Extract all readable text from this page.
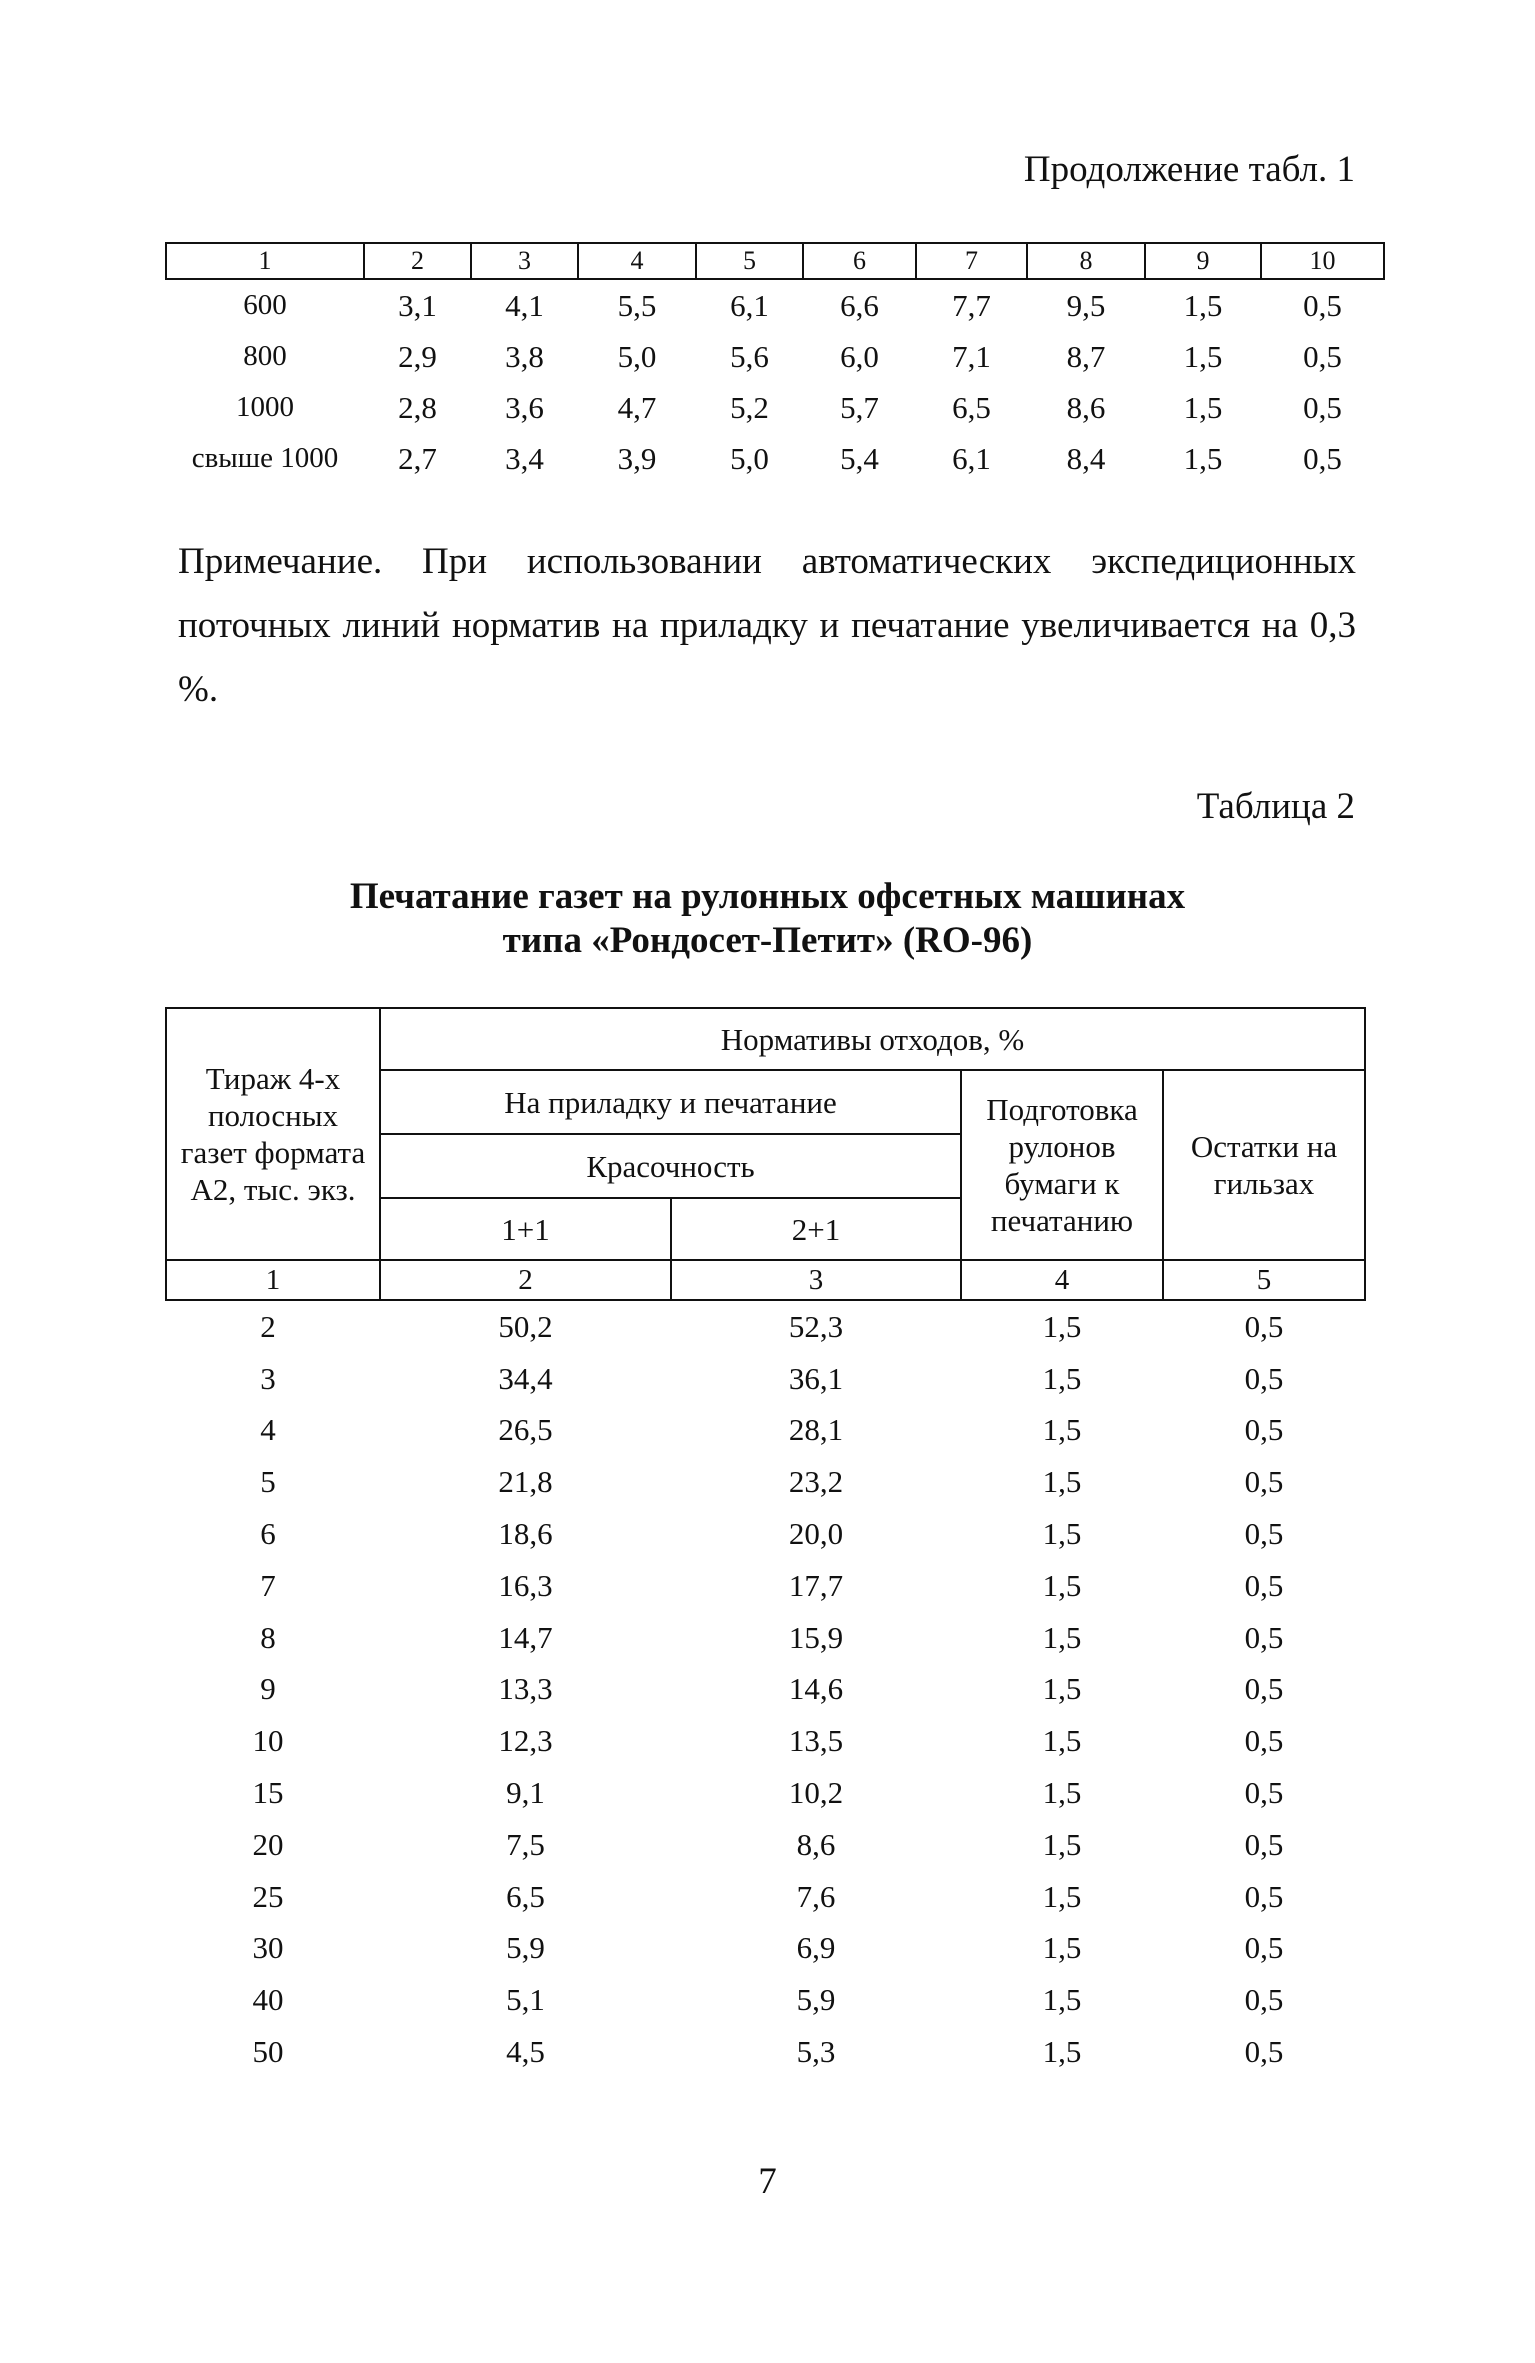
Продолжение табл. 1
1	2	3	4	5	6	7	8	9	10
600	3,1	4,1	5,5	6,1	6,6	7,7	9,5	1,5	0,5
800	2,9	3,8	5,0	5,6	6,0	7,1	8,7	1,5	0,5
1000	2,8	3,6	4,7	5,2	5,7	6,5	8,6	1,5	0,5
свыше 1000	2,7	3,4	3,9	5,0	5,4	6,1	8,4	1,5	0,5
Примечание. При использовании автоматических экспедиционных поточных линий норматив на приладку и печатание увеличивается на 0,3 %.
Таблица 2
Печатание газет на рулонных офсетных машинах
типа «Рондосет-Петит» (RO-96)
Тираж 4-х полосных газет формата А2, тыс. экз.	Нормативы отходов, %			
	На приладку и печатание		Подготовка рулонов бумаги к печатанию	Остатки на гильзах
	Красочность			
	1+1	2+1		
1	2	3	4	5
2	50,2	52,3	1,5	0,5
3	34,4	36,1	1,5	0,5
4	26,5	28,1	1,5	0,5
5	21,8	23,2	1,5	0,5
6	18,6	20,0	1,5	0,5
7	16,3	17,7	1,5	0,5
8	14,7	15,9	1,5	0,5
9	13,3	14,6	1,5	0,5
10	12,3	13,5	1,5	0,5
15	9,1	10,2	1,5	0,5
20	7,5	8,6	1,5	0,5
25	6,5	7,6	1,5	0,5
30	5,9	6,9	1,5	0,5
40	5,1	5,9	1,5	0,5
50	4,5	5,3	1,5	0,5
7
